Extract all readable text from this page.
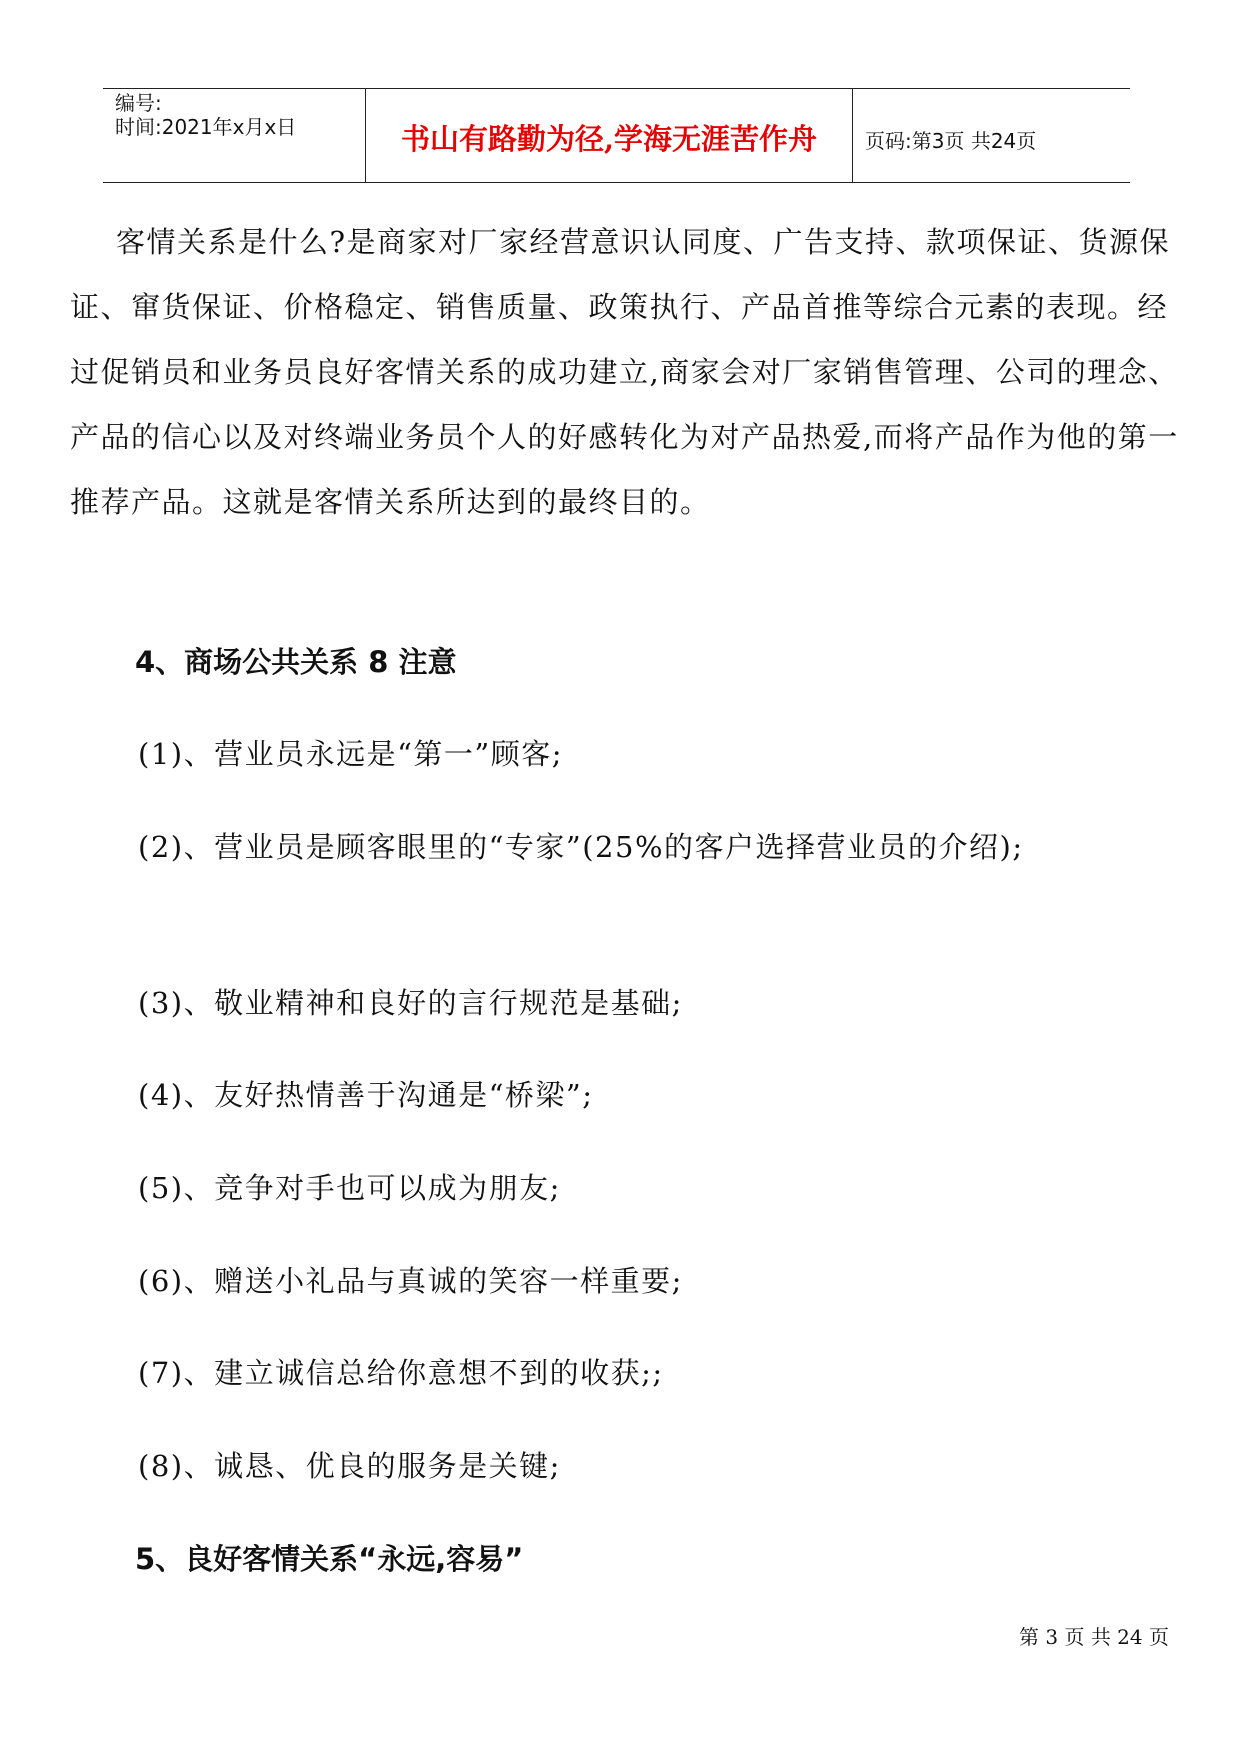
编号:
时间:2021年x月x日	书山有路勤为径,学海无涯苦作舟	页码:第3页 共24页

客情关系是什么?是商家对厂家经营意识认同度、广告支持、款项保证、货源保证、窜货保证、价格稳定、销售质量、政策执行、产品首推等综合元素的表现。经过促销员和业务员良好客情关系的成功建立,商家会对厂家销售管理、公司的理念、产品的信心以及对终端业务员个人的好感转化为对产品热爱,而将产品作为他的第一推荐产品。这就是客情关系所达到的最终目的。

4、商场公共关系 8 注意

(1)、营业员永远是“第一”顾客;

(2)、营业员是顾客眼里的“专家”(25%的客户选择营业员的介绍);

(3)、敬业精神和良好的言行规范是基础;

(4)、友好热情善于沟通是“桥梁”;

(5)、竞争对手也可以成为朋友;

(6)、赠送小礼品与真诚的笑容一样重要;

(7)、建立诚信总给你意想不到的收获;;

(8)、诚恳、优良的服务是关键;

5、良好客情关系“永远,容易”
第 3 页 共 24 页
